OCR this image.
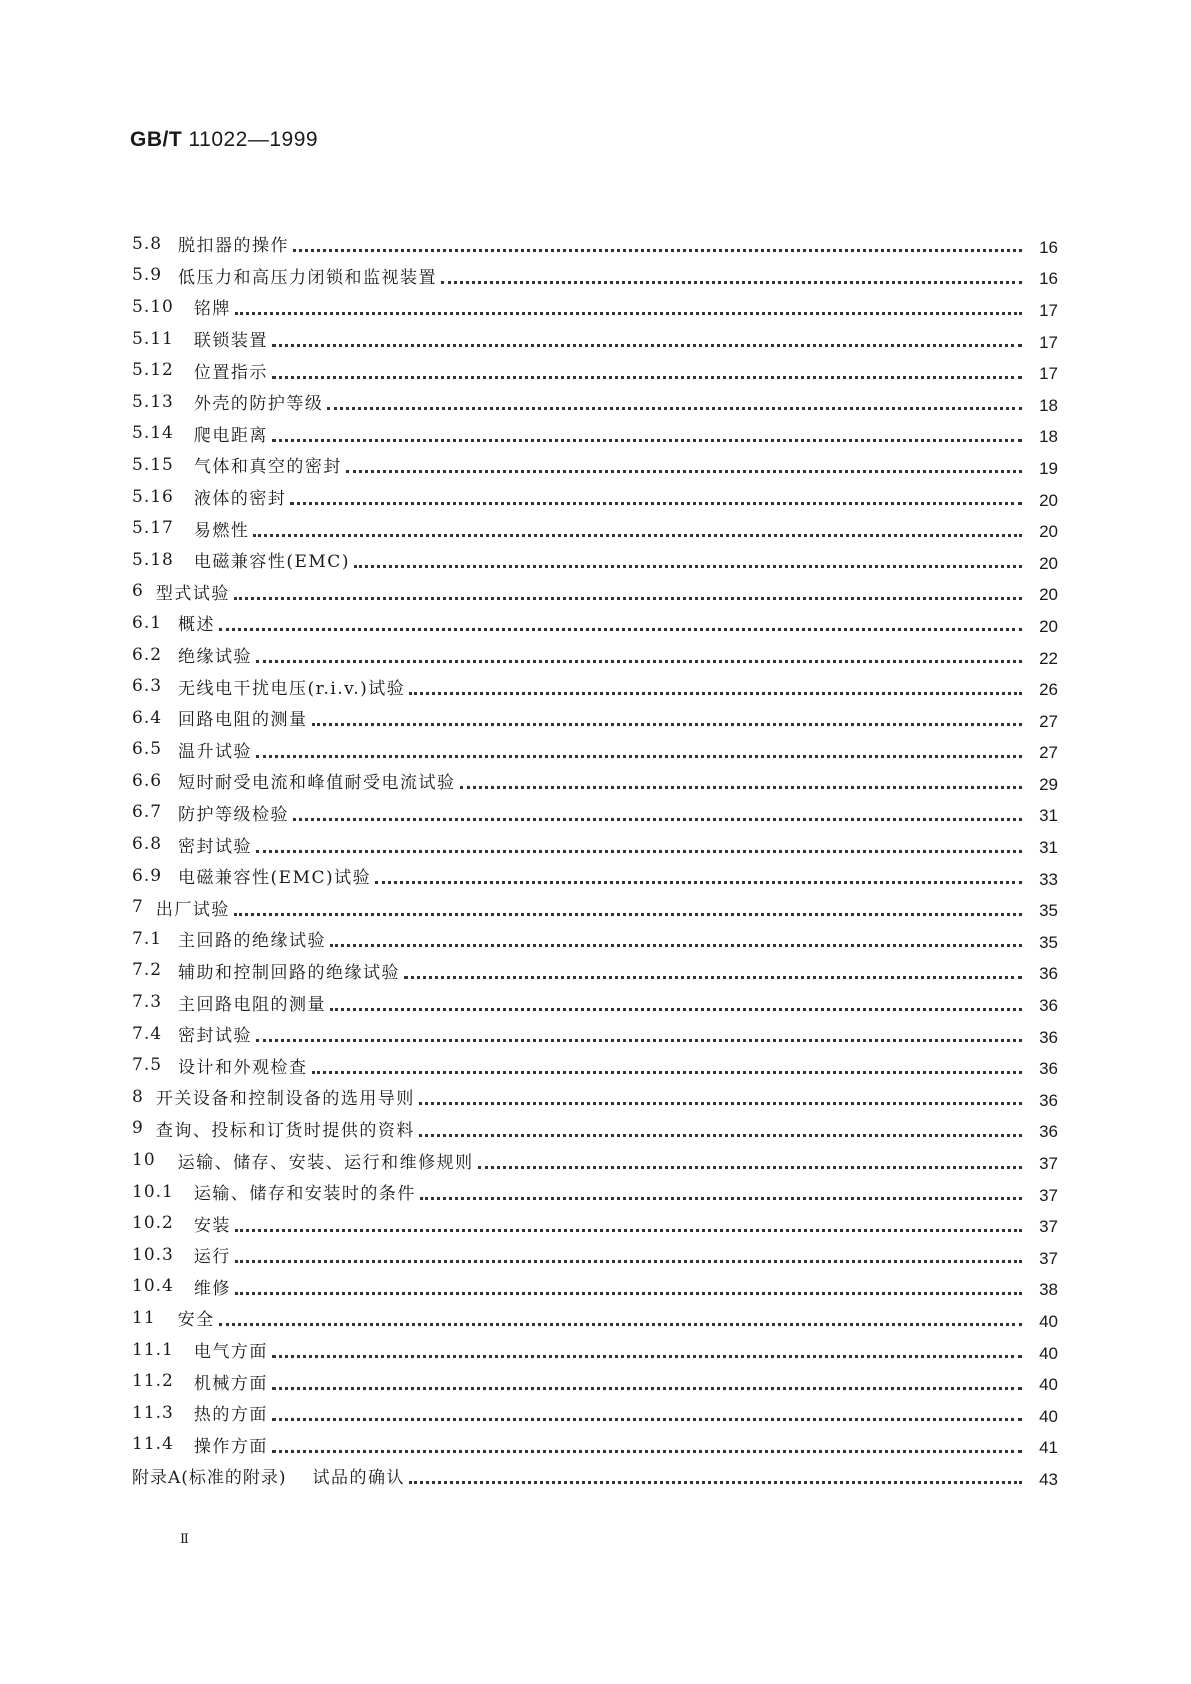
GB/T 11022—1999
5.8 脱扣器的操作	16
5.9 低压力和高压力闭锁和监视装置	16
5.10 铭牌	17
5.11 联锁装置	17
5.12 位置指示	17
5.13 外壳的防护等级	18
5.14 爬电距离	18
5.15 气体和真空的密封	19
5.16 液体的密封	20
5.17 易燃性	20
5.18 电磁兼容性(EMC)	20
6 型式试验	20
6.1 概述	20
6.2 绝缘试验	22
6.3 无线电干扰电压(r.i.v.)试验	26
6.4 回路电阻的测量	27
6.5 温升试验	27
6.6 短时耐受电流和峰值耐受电流试验	29
6.7 防护等级检验	31
6.8 密封试验	31
6.9 电磁兼容性(EMC)试验	33
7 出厂试验	35
7.1 主回路的绝缘试验	35
7.2 辅助和控制回路的绝缘试验	36
7.3 主回路电阻的测量	36
7.4 密封试验	36
7.5 设计和外观检查	36
8 开关设备和控制设备的选用导则	36
9 查询、投标和订货时提供的资料	36
10 运输、储存、安装、运行和维修规则	37
10.1 运输、储存和安装时的条件	37
10.2 安装	37
10.3 运行	37
10.4 维修	38
11 安全	40
11.1 电气方面	40
11.2 机械方面	40
11.3 热的方面	40
11.4 操作方面	41
附录A(标准的附录) 试品的确认	43
Ⅱ
